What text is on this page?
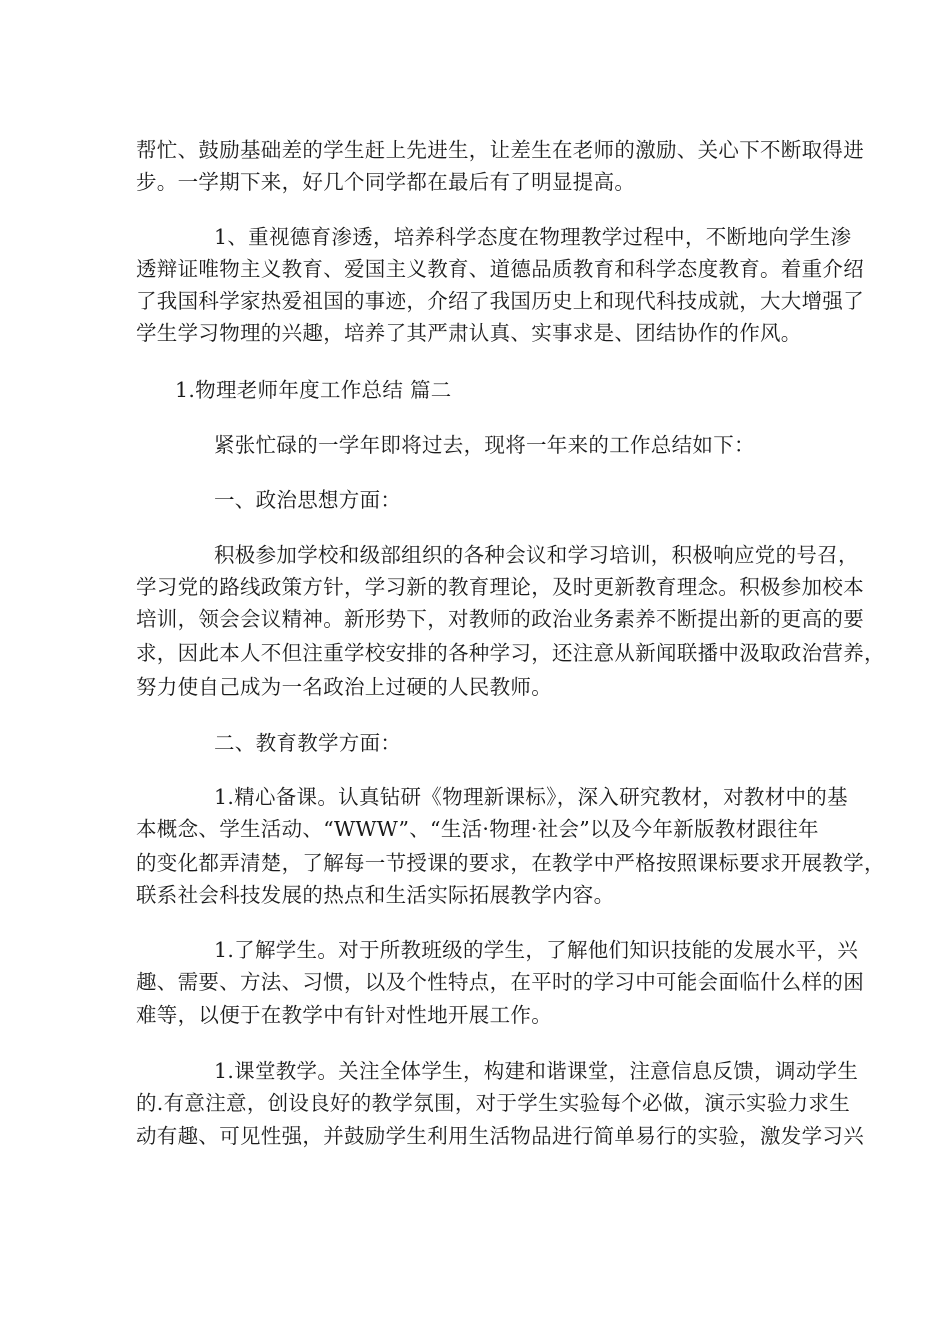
帮忙、鼓励基础差的学生赶上先进生，让差生在老师的激励、关心下不断取得进
步。一学期下来，好几个同学都在最后有了明显提高。
1、重视德育渗透，培养科学态度在物理教学过程中，不断地向学生渗
透辩证唯物主义教育、爱国主义教育、道德品质教育和科学态度教育。着重介绍
了我国科学家热爱祖国的事迹，介绍了我国历史上和现代科技成就，大大增强了
学生学习物理的兴趣，培养了其严肃认真、实事求是、团结协作的作风。
1.物理老师年度工作总结 篇二
紧张忙碌的一学年即将过去，现将一年来的工作总结如下：
一、政治思想方面：
积极参加学校和级部组织的各种会议和学习培训，积极响应党的号召，
学习党的路线政策方针，学习新的教育理论，及时更新教育理念。积极参加校本
培训，领会会议精神。新形势下，对教师的政治业务素养不断提出新的更高的要
求，因此本人不但注重学校安排的各种学习，还注意从新闻联播中汲取政治营养，
努力使自己成为一名政治上过硬的人民教师。
二、教育教学方面：
1.精心备课。认真钻研《物理新课标》，深入研究教材，对教材中的基
本概念、学生活动、“WWW”、“生活·物理·社会”以及今年新版教材跟往年
的变化都弄清楚，了解每一节授课的要求，在教学中严格按照课标要求开展教学，
联系社会科技发展的热点和生活实际拓展教学内容。
1.了解学生。对于所教班级的学生，了解他们知识技能的发展水平，兴
趣、需要、方法、习惯，以及个性特点，在平时的学习中可能会面临什么样的困
难等，以便于在教学中有针对性地开展工作。
1.课堂教学。关注全体学生，构建和谐课堂，注意信息反馈，调动学生
的.有意注意，创设良好的教学氛围，对于学生实验每个必做，演示实验力求生
动有趣、可见性强，并鼓励学生利用生活物品进行简单易行的实验，激发学习兴
